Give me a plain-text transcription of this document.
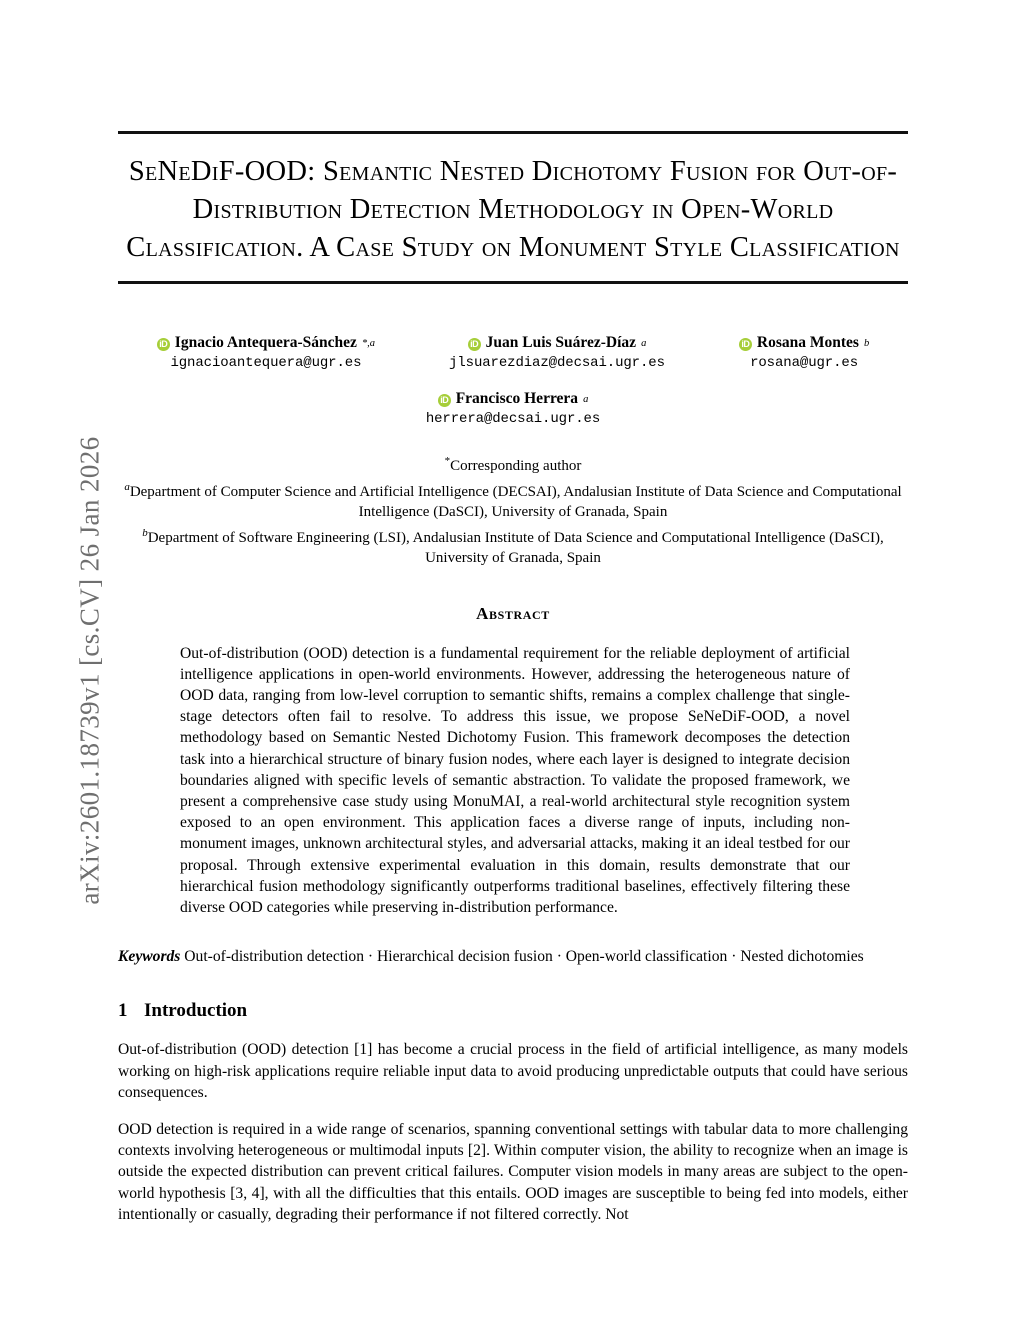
arXiv:2601.18739v1 [cs.CV] 26 Jan 2026
SeNeDiF-OOD: Semantic Nested Dichotomy Fusion for Out-of-Distribution Detection Methodology in Open-World Classification. A Case Study on Monument Style Classification
iD Ignacio Antequera-Sánchez *,a
ignacioantequera@ugr.es
iD Juan Luis Suárez-Díaz a
jlsuarezdiaz@decsai.ugr.es
iD Rosana Montes b
rosana@ugr.es
iD Francisco Herrera a
herrera@decsai.ugr.es
*Corresponding author
$^a$Department of Computer Science and Artificial Intelligence (DECSAI), Andalusian Institute of Data Science and Computational Intelligence (DaSCI), University of Granada, Spain
$^b$Department of Software Engineering (LSI), Andalusian Institute of Data Science and Computational Intelligence (DaSCI), University of Granada, Spain
Abstract
Out-of-distribution (OOD) detection is a fundamental requirement for the reliable deployment of artificial intelligence applications in open-world environments. However, addressing the heterogeneous nature of OOD data, ranging from low-level corruption to semantic shifts, remains a complex challenge that single-stage detectors often fail to resolve. To address this issue, we propose SeNeDiF-OOD, a novel methodology based on Semantic Nested Dichotomy Fusion. This framework decomposes the detection task into a hierarchical structure of binary fusion nodes, where each layer is designed to integrate decision boundaries aligned with specific levels of semantic abstraction. To validate the proposed framework, we present a comprehensive case study using MonuMAI, a real-world architectural style recognition system exposed to an open environment. This application faces a diverse range of inputs, including non-monument images, unknown architectural styles, and adversarial attacks, making it an ideal testbed for our proposal. Through extensive experimental evaluation in this domain, results demonstrate that our hierarchical fusion methodology significantly outperforms traditional baselines, effectively filtering these diverse OOD categories while preserving in-distribution performance.
Keywords Out-of-distribution detection · Hierarchical decision fusion · Open-world classification · Nested dichotomies
1 Introduction

Out-of-distribution (OOD) detection [1] has become a crucial process in the field of artificial intelligence, as many models working on high-risk applications require reliable input data to avoid producing unpredictable outputs that could have serious consequences.

OOD detection is required in a wide range of scenarios, spanning conventional settings with tabular data to more challenging contexts involving heterogeneous or multimodal inputs [2]. Within computer vision, the ability to recognize when an image is outside the expected distribution can prevent critical failures. Computer vision models in many areas are subject to the open-world hypothesis [3, 4], with all the difficulties that this entails. OOD images are susceptible to being fed into models, either intentionally or casually, degrading their performance if not filtered correctly. Not
